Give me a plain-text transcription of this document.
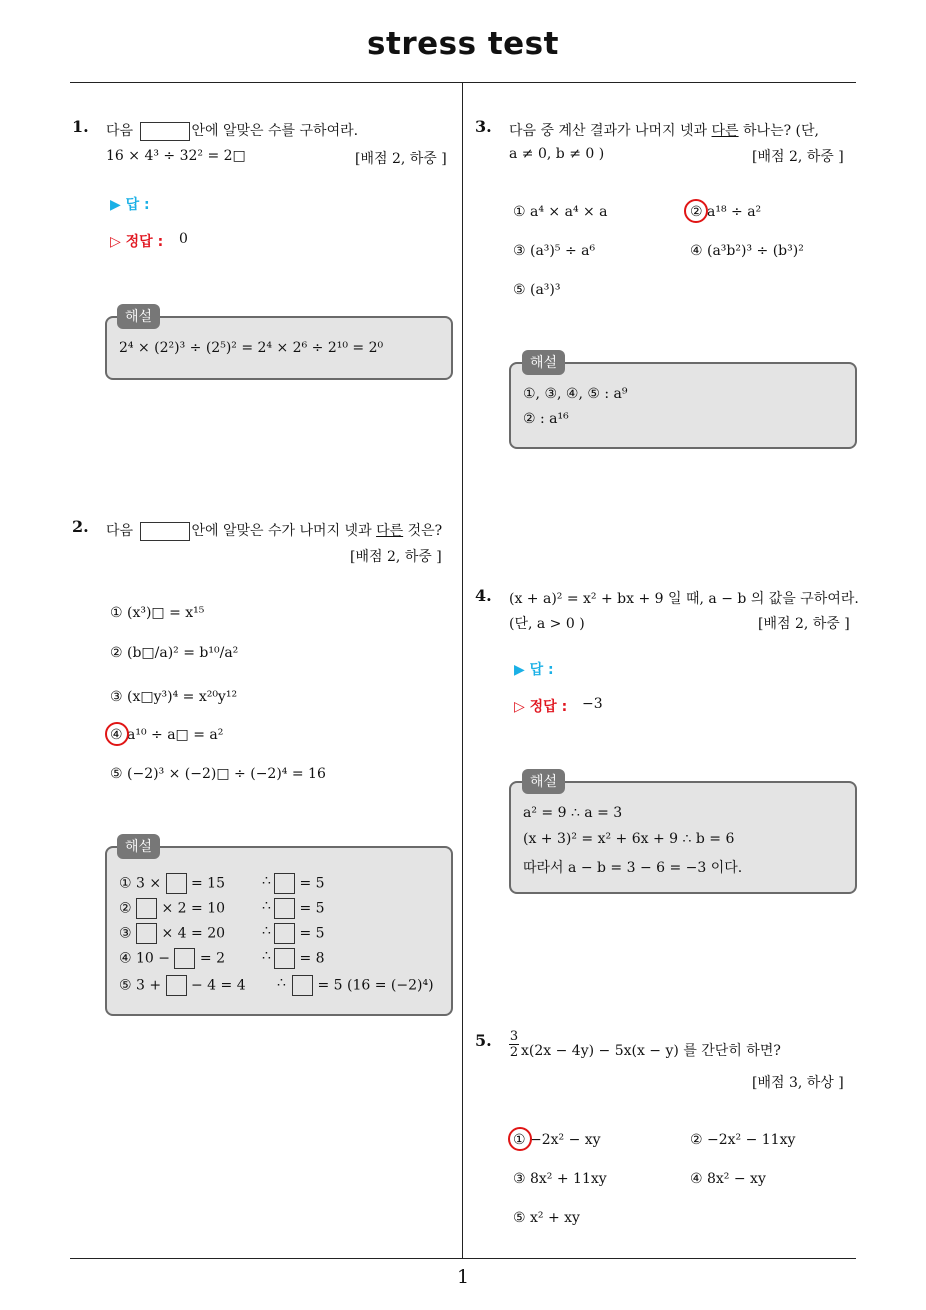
stress test
1
1. 다음	안에 알맞은 수를 구하여라.
16 × 4³ ÷ 32² = 2□	[배점 2, 하중 ]
▶ 답 :
▷ 정답 : 0
2⁴ × (2²)³ ÷ (2⁵)² = 2⁴ × 2⁶ ÷ 2¹⁰ = 2⁰
해설
2. 다음	안에 알맞은 수가 나머지 넷과 다른 것은?
[배점 2, 하중 ]
① (x³)□ = x¹⁵
② (b□/a)² = b¹⁰/a²
③ (x□y³)⁴ = x²⁰y¹²
④ a¹⁰ ÷ a□ = a²
⑤ (−2)³ × (−2)□ ÷ (−2)⁴ = 16
① 3 × = 15	∴	= 5
② × 2 = 10	∴	= 5
③ × 4 = 20	∴	= 5
④ 10 − = 2	∴	= 8
⑤ 3 + − 4 = 4 ∴	= 5 (16 = (−2)⁴)
해설
3. 다음 중 계산 결과가 나머지 넷과 다른 하나는? (단,
a ≠ 0, b ≠ 0 )	[배점 2, 하중 ]
① a⁴ × a⁴ × a	② a¹⁸ ÷ a²
③ (a³)⁵ ÷ a⁶	④ (a³b²)³ ÷ (b³)²
⑤ (a³)³
①, ③, ④, ⑤ : a⁹
② : a¹⁶
해설
4. (x + a)² = x² + bx + 9 일 때, a − b 의 값을 구하여라.
(단, a > 0 )	[배점 2, 하중 ]
▶ 답 :
▷ 정답 : −3
a² = 9 ∴ a = 3
(x + 3)² = x² + 6x + 9 ∴ b = 6
따라서 a − b = 3 − 6 = −3 이다.
해설
5. $\frac{3}{2} x(2x - 4y) - 5x(x - y)$ 를 간단히 하면?
[배점 3, 하상 ]
① −2x² − xy	② −2x² − 11xy
③ 8x² + 11xy	④ 8x² − xy
⑤ x² + xy
